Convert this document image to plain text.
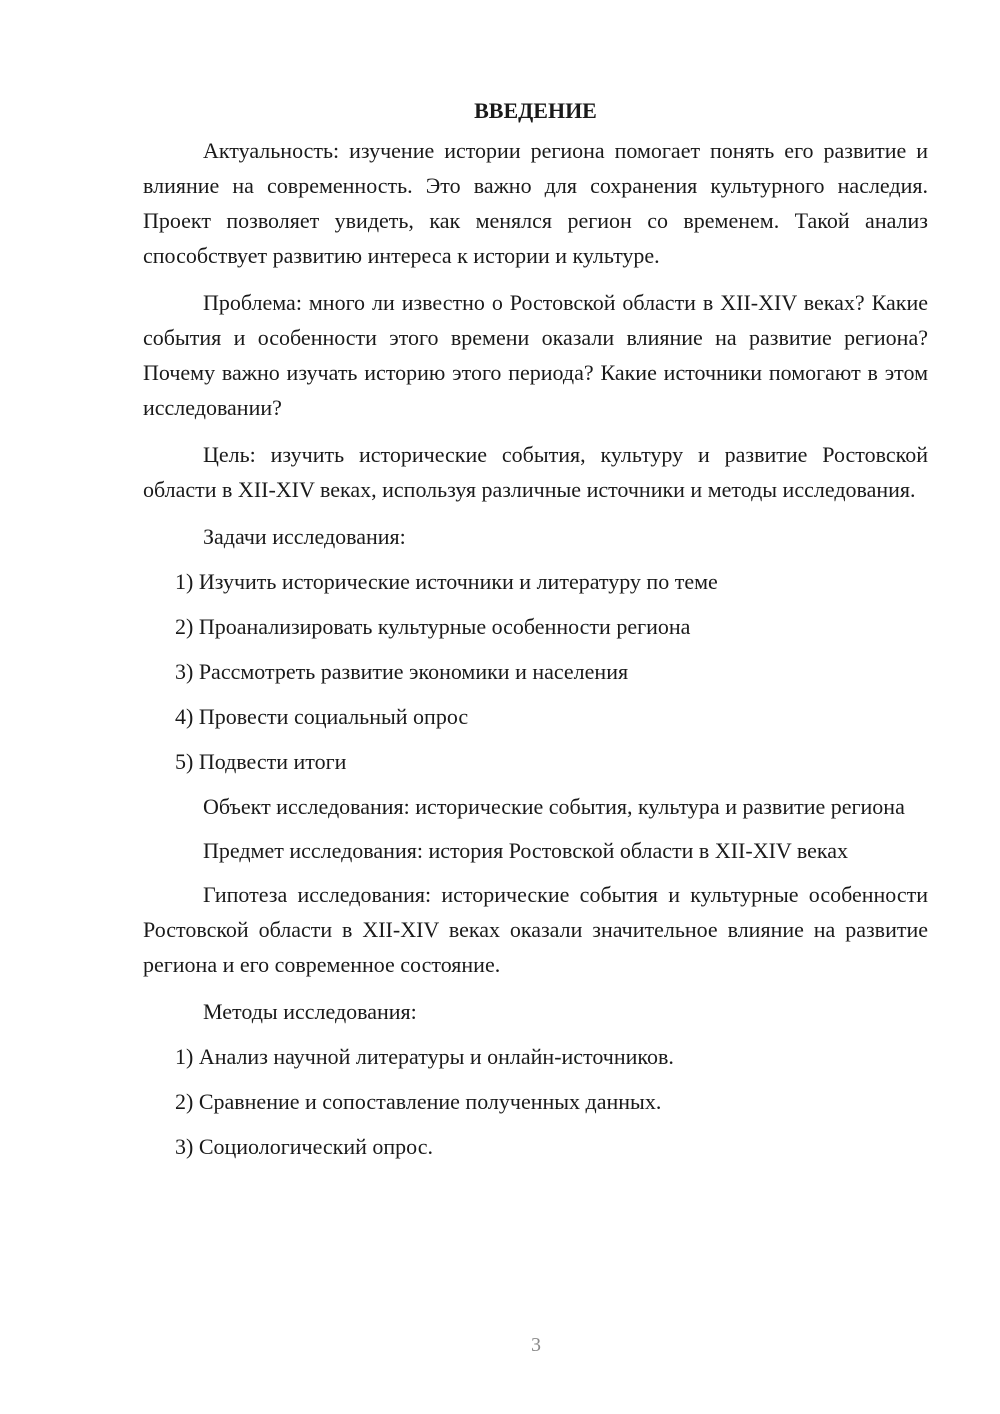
ВВЕДЕНИЕ

Актуальность: изучение истории региона помогает понять его развитие и влияние на современность. Это важно для сохранения культурного наследия. Проект позволяет увидеть, как менялся регион со временем. Такой анализ способствует развитию интереса к истории и культуре.

Проблема: много ли известно о Ростовской области в XII-XIV веках? Какие события и особенности этого времени оказали влияние на развитие региона? Почему важно изучать историю этого периода? Какие источники помогают в этом исследовании?

Цель: изучить исторические события, культуру и развитие Ростовской области в XII-XIV веках, используя различные источники и методы исследования.

Задачи исследования:

1) Изучить исторические источники и литературу по теме
2) Проанализировать культурные особенности региона
3) Рассмотреть развитие экономики и населения
4) Провести социальный опрос
5) Подвести итоги

Объект исследования: исторические события, культура и развитие региона

Предмет исследования: история Ростовской области в XII-XIV веках

Гипотеза исследования: исторические события и культурные особенности Ростовской области в XII-XIV веках оказали значительное влияние на развитие региона и его современное состояние.

Методы исследования:

1) Анализ научной литературы и онлайн-источников.
2) Сравнение и сопоставление полученных данных.
3) Социологический опрос.
3
